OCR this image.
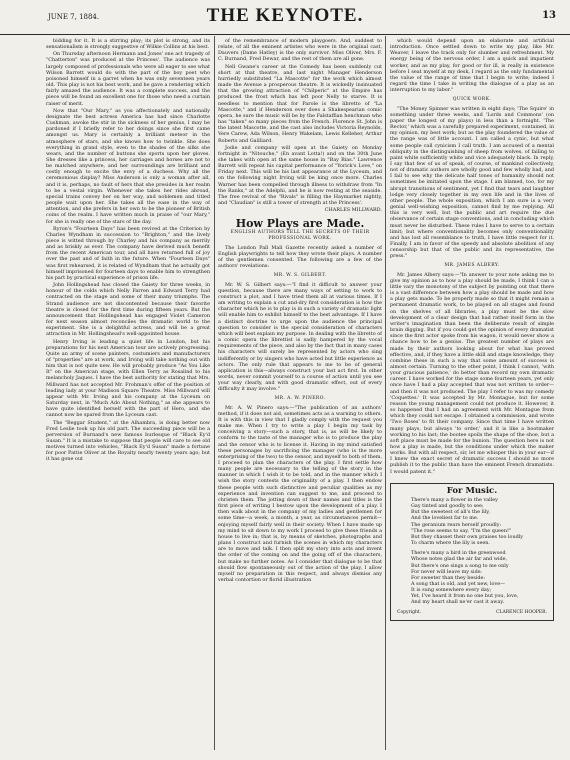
JUNE 7, 1884.	THE KEYNOTE.	13

bidding for it. It is a stirring play; its plot is strong, and its sensationalism is strongly suggestive of Wilkie Collins at his best.

On Thursday afternoon Hermann and Jones' one act tragedy of "Chatterton" was produced at the Princess'. The audience was largely composed of professionals who were all eager to see what Wilson Barrett would do with the part of the boy poet who poisoned himself in a garret when he was only seventeen years old. This play is not his best work, and he gave a rendering which fairly amazed the audience. It was a complete success, and the piece will be found an excellent one for those who need a curtain raiser of merit.

Now that "Our Mary," as you affectionately and nationally designate the best actress America has had since Charlotte Cushman, awoke the stir in the sickness of her genius, I may be pardoned if I briefly refer to her doings since she first came amongst us. Mary is certainly a brilliant meteor in the atmosphere of stars, and she knows how to twinkle. She does everything in grand style, even to the shades of the silks she wears, and the number of buttons she sports upon her gloves. She dresses like a princess, her carriages and horses are not to be matched anywhere, and her surroundings are brilliant and costly enough to excite the envy of a duchess. Why all the ceremonious display? Miss Anderson is only a woman after all, and it is, perhaps, no fault of hers that she presides in her realm to be a vestal virgin. Whenever she takes her rides abroad, special trains convey her on her way, and noblemen and titled people wait upon her. She takes all the ease in the way of attention, and she prefers in her own to be the pioneer of British coins of the realm. I have written much in praise of "our Mary," for she is really one of the stars of the day.

Byron's "Fourteen Days" has been revived at the Criterion by Charles Wyndham in succession to "Brighton," and the lively piece is witted through by Charley and his company as merrily and as briskly as ever. The company have derived much benefit from the recent American tour, and all have returned full of joy over the past and of faith in the future. When "Fourteen Days" was first rehearsed, it is related of Wyndham that he actually got himself imprisoned for fourteen days to enable him to strengthen his part by practical experience of prison life.

John Hollingshead has closed the Gaiety for three weeks, in honour of the colds which Nelly Farren and Edward Terry had contracted on the stage and some of their many triumphs. The Strand audience are not discontented because their favorite theatre is closed for the first time during fifteen years. But the announcement that Hollingshead has engaged Violet Cameron for next season almost reconciles the dramatic world to the experiment. She is a delightful actress, and will be a great attraction in Mr. Hollingshead's well-appointed house.

Henry Irving is leading a quiet life in London, but his preparations for his next American tour are actively progressing. Quite an army of scene painters, costumiers and manufacturers of "properties" are at work, and Irving will take nothing out with him that is not quite new. He will probably produce "As You Like It" on the American stage, with Ellen Terry as Rosalind to his melancholy Jaques. I have the best authority for stating that Mrs. Millward has not accepted Mr. Frohman's offer of the position of leading lady at your Madison Square Theatre. Miss Millward will appear with Mr. Irving and his company at the Lyceum on Saturday next, in "Much Ado About Nothing," as she appears to have quite identified herself with the part of Hero, and she cannot now be spared from the Lyceum cast.

The "Beggar Student," at the Alhambra, is doing better now Fred Leslie took up his old part. The succeeding piece will be a perversion of Burnand's new famous burlesque of "Black Ey'd Susan." It is a mistake to suppose that people will care to see old motives turned into vehicles, "Black Ey'd Susan" made a fortune for poor Pattie Oliver at the Royalty nearly twenty years ago; but it has gone out

of the remembrance of modern playgoers. And, suddest to relate, of all the eminent artistes who were in the original cast, Dauvers (Dame Hatley) is the only survivor. Miss Oliver, Mrs. F. C. Burnand, Fred Dewar, and the rest of them are all gone.

Nell Gwane's career at the Comedy has been suddenly cut short at that theatre, and last night Manager Henderson hurriedly substituted "La Mascotte" for the work which almost made the Avenue a prosperous theatre. It is wickedly insinuated that the growing attraction of "Chilperic" at the Empire has produced the frost which has left poor Nelly to starve. It is needless to mention that for Parole is the libretto of "La Mascotte," and if Henderson ever does a Shakespearian comic opera, he sure the music will be by the Falstaffian henchman who has "taken" so many pieces from the French. Florence St. John is the latest Mascotte, and the cast also includes Victoria Reynolds, Vere Carew, Ada Wilson, Henry Wakelam, Lewis Kelleher, Arthur Roberts and Gailliard.

Jodie and company will open at the Gaiety on Monday fortnight in "Nitouche," (En avant Lotta!) and on the 30th June she takes with open at the same house in "Bay Bias." Lawrence Barrett will repeat his capital performance of "Yorick's Love," on Friday next. This will be his last appearance at the Lyceum, and on the following night Irving will be king once more. Charles Warner has been compelled through illness to withdraw from "In the Ranks," at the Adelphi, and he is now resting at the seaside. The free revival of the "Rivals" is filling the Haymarket nightly, and "Claudian" is still a tower of strength at the Princess'.

CHARLES MILLWARD.

How Plays are Made.
ENGLISH AUTHORS TELL THE SECRETS OF THEIR PROFESSIONAL WORK.

The London Pall Mall Gazette recently asked a number of English playwrights to tell how they wrote their plays. A number of the gentlemen consented. The following are a few of the authors' revelations:

MR. W. S. GILBERT.

Mr. W. S. Gilbert says:—"I find it difficult to answer your question, because there are many ways of setting to work to construct a plot, and I have tried them all at various times. If I am writing to explain a cut and-dry first consideration is how the character which he is to play is in such a variety of dramatic light will enable him to exhibit himself to the best advantage. If I have a distinct doctrine to urge upon the audience the principal question to consider is the special consideration of characters which will best explain my purpose. In dealing with the libretto of a comic opera the librettist is sadly hampered by the vocal requirements of the piece, and also by the fact that in many cases his characters will surely be represented by actors who sing indifferently or by singers who have acted but little experience as actors. The only rule that appears to me to be of general application is this—always construct your last act first. In other words, never commit yourself to a course of action until you see your way clearly, and with good dramatic effect, out of every difficulty it may involve."

MR. A. W. PINERO.

Mr. A. W. Pinero says:—"The publication of an authors' method, if it does not aid, sometimes acts as a warning to others. It is with this in view that I gladly comply with the request you make me. When I try to write a play I begin my task by conceiving a story—such a story, that is, as will be likely to conform to the taste of the manager who is to produce the play and the censor who is to license it. Having in my mind satisfied these personages by sacrificing the manager (who is the more enterprising of the two) to the censor, and myself to both of them, I proceed to plan the characters of the play. I first settle how many people are necessary to the telling of the story in the manner in which I wish it to be told, and in the manner which I wish the story contests the originality of a play. I then endow these people with such distinctive and peculiar qualities as my experience and invention can suggest to me, and proceed to christen them. The jotting down of their names and titles is the first piece of writing I bestow upon the development of a play. I then walk about in the company of my ladies and gentlemen for some time—a week, a month, a year, as circumstances permit—enjoying myself fairly well in their society. When I have made up my mind to sit down to my work I proceed to give these friends a house to live in; that is, by means of sketches, photographs and plans I construct and furnish the scenes in which my characters are to move and talk. I then split my story into acts and invent the order of the coming on and the going off of the characters, but make no further notes. As I consider that dialogue to be that should flow spontaneously out of the action of the play, I allow myself no preparation in this respect, and always dismiss any verbal contortion or florid illustration

which would depend upon an elaborate and artificial introduction. Once settled down to write my play, like Mr. Weaver, I leave the track only for slumber and refreshment. My energy being of the nervous order, I am a quick and impatient worker, and as my play, for good or for ill, is really in existence before I seat myself at my desk, I regard as the only fundamental the value of the range of time that I begin to write; indeed I regard the time I take in writing the dialogue of a play as an interruption to my labor."

QUICK WORK.

"The Money Spinner was written in eight days; 'The Squire' in something under three weeks, and 'Lords and Commons' (on paper the longest of my plays) in less than a fortnight. 'The Rector,' which was a carefully prepared experiment, contained, in my opinion, my best work; but as the play foundered the value of the range was of little account. I am called a cynic, but what some people call cynicism I call truth. I am accused of a mental obliquity in the distinguishing of sheep from wolves, of failing to paint white sufficiently white and vice adequately black. In reply, I say that few of us of speak, of course, of mankind collectively, not of dramatic authors are wholly good and few wholly bad, and I fail to see why the delicate half tones of humanity should not sometimes be imitated upon the stage. I am blamed, too, for my abrupt transitions of sentiment, yet I find that tears and laughter lodge very closely together in my own life and in the lives of other people. The whole exposition, which I am sure is a very genial well-wishing exposition, cannot find by me replying. All this is very well, but the public and art require the due observance of certain stage conventions, and in concluding which must never be disturbed. These rules I have to serve to a certain limit; but where conventionality becomes only conventionality and has lost all resemblance to truth, I have little respect for it. Finally, I am in favor of the speedy and absolute abolition of any censorship but that of the public and its representative, the press."

MR. JAMES ALBERY.

Mr. James Albery says:—"In answer to your note asking me to give my opinion as to how a play should be made, I think I can a little vary the monotony of the subject by pointing out that there is a vast difference between how a play should be made and how a play gets made. To be properly made so that it might remain a permanent dramatic work, to be played on all stages and found on the shelves of all libraries, a play must be the slow development of a clear design that had rather itself form in the writer's imagination than been the deliberate result of simple brain digging. But if you could get the opinion of every dramatist since the first actor spoke from his wagon, it would never show a chance how to be a genius. The greatest number of plays are made by their authors looking about for what has proved effective, and, if they have a little skill and stage knowledge, they combine these in such a way that some amount of success is almost certain. Turning to the other point, I think I cannot, 'with your gracious patience,' do better than record my own dramatic career. I have worked for the stage some fourteen years, yet only once have I had a play accepted that was not written to order—and then it was not produced. The play I refer to was my comedy 'Coquettes.' It was accepted by Mr. Montague, but for some reason the young management could not produce it. However, it so happened that I had an agreement with Mr. Montague from which they could not escape. I obtained a commission, and wrote 'Two Roses' to fit their company. Since that time I have written many plays, but always 'to order,' and it is like a bootmaker working to his last; the bootee spoils the shape of the shoe, but a soft place must be made for the bunion. The question here is not how a play is made, but the conditions under which the maker works. But with all respect, sir, let me whisper this in your ear—if I knew the exact secret of dramatic success I should no more publish it to the public than have the eminent French dramatists. I would patent it."

For Music.
There's many a flower in the valley
Gay tinted and goodly to see;
But the sweetest of all's the lily,
And the loveliest far to me.
The geranium rears herself proudly:
"The rose seems to say, "I'm the queen!"
But they chasset their own praises too loudly
To charm where the lily is seen.
There's many a bird in the greenwood
Whose notes glad the air far and wide,
But there's one sings a song to me only
For never will leave my side.
For sweeter than they beside:
A song that is old, and yet new, love—
It is sung somewhere every day;
Yet, I've heard it from no one but you, love,
And my heart shall ne'er cast it away.
Copyright.	CLARENCE HOOPER.
